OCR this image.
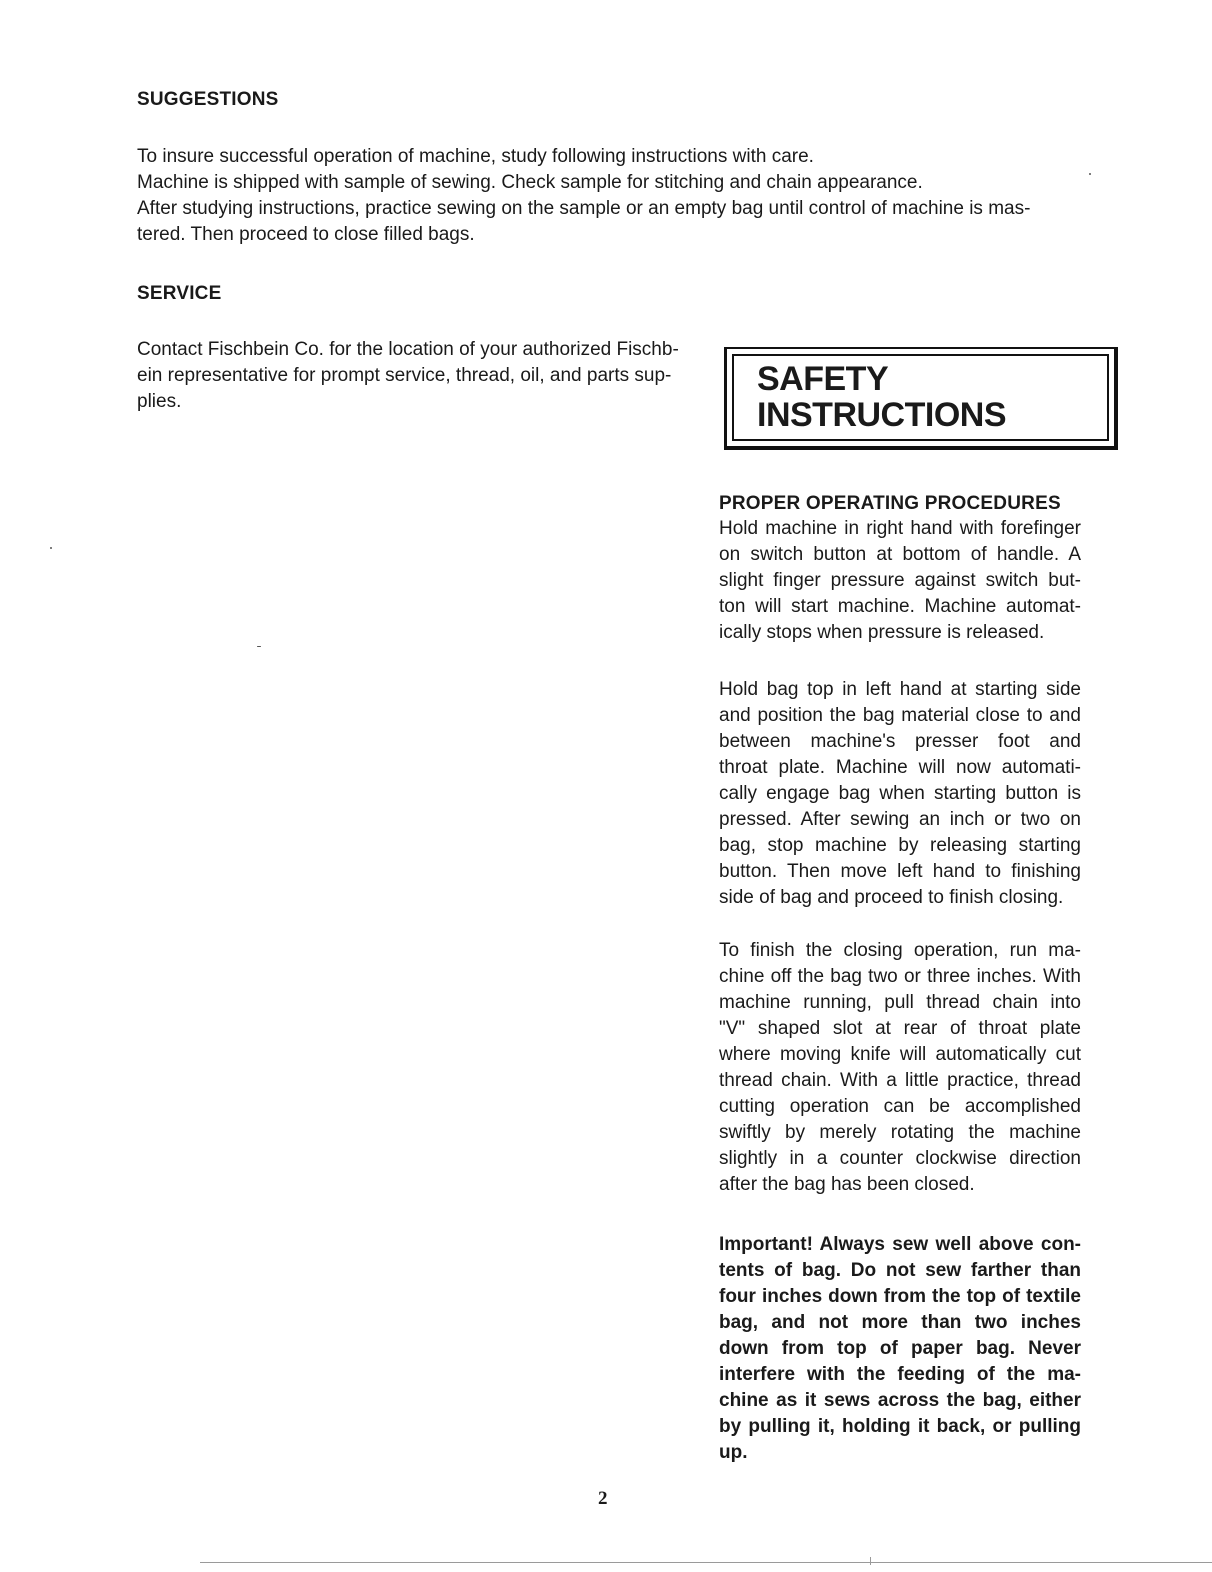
SUGGESTIONS

To insure successful operation of machine, study following instructions with care.
Machine is shipped with sample of sewing. Check sample for stitching and chain appearance.
After studying instructions, practice sewing on the sample or an empty bag until control of machine is mas-
tered. Then proceed to close filled bags.

SERVICE

Contact Fischbein Co. for the location of your authorized Fischb-
ein representative for prompt service, thread, oil, and parts sup-
plies.

SAFETY
INSTRUCTIONS
PROPER OPERATING PROCEDURES

Hold machine in right hand with forefinger
on switch button at bottom of handle. A
slight finger pressure against switch but-
ton will start machine. Machine automat-
ically stops when pressure is released.

Hold bag top in left hand at starting side
and position the bag material close to and
between machine's presser foot and
throat plate. Machine will now automati-
cally engage bag when starting button is
pressed. After sewing an inch or two on
bag, stop machine by releasing starting
button. Then move left hand to finishing
side of bag and proceed to finish closing.

To finish the closing operation, run ma-
chine off the bag two or three inches. With
machine running, pull thread chain into
"V" shaped slot at rear of throat plate
where moving knife will automatically cut
thread chain. With a little practice, thread
cutting operation can be accomplished
swiftly by merely rotating the machine
slightly in a counter clockwise direction
after the bag has been closed.

Important! Always sew well above con-
tents of bag. Do not sew farther than
four inches down from the top of textile
bag, and not more than two inches
down from top of paper bag. Never
interfere with the feeding of the ma-
chine as it sews across the bag, either
by pulling it, holding it back, or pulling
up.

2
